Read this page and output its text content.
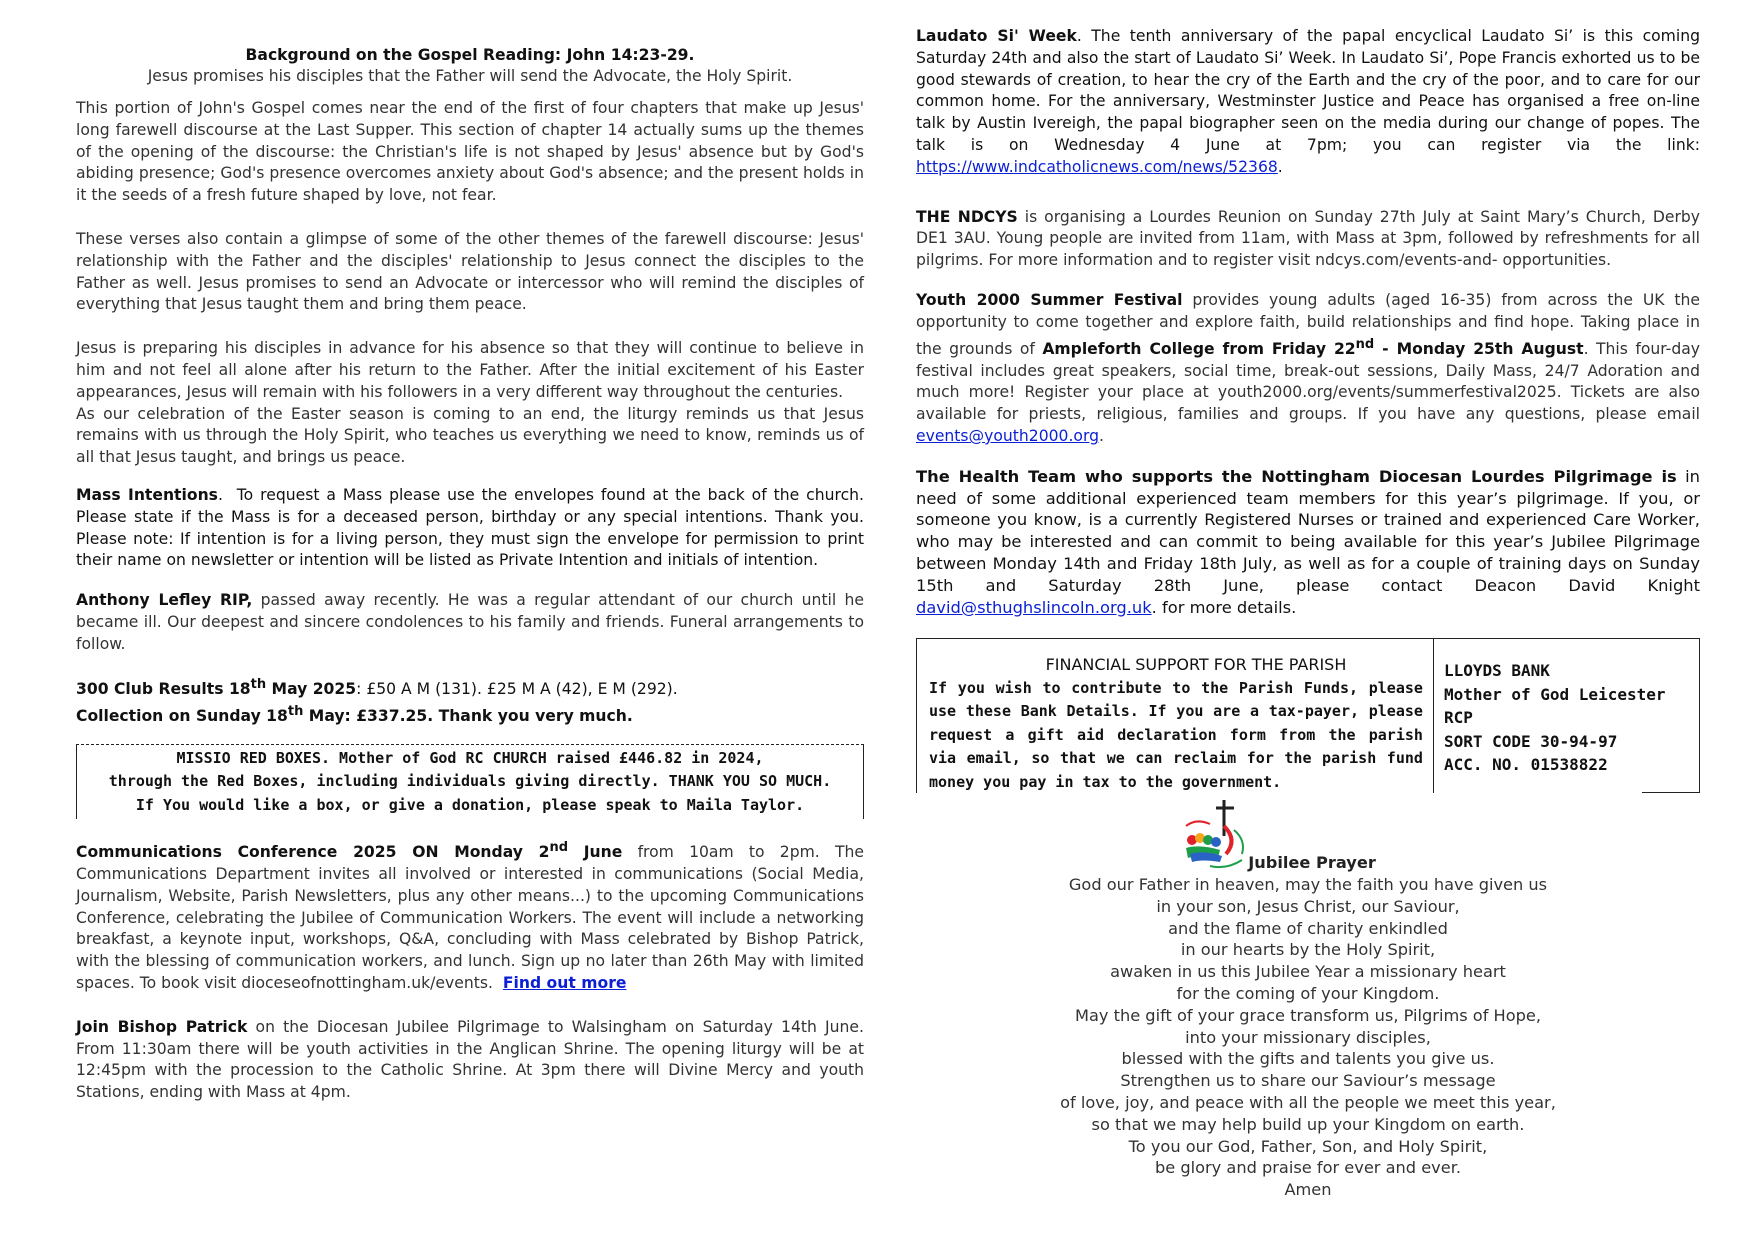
Background on the Gospel Reading: John 14:23-29.
Jesus promises his disciples that the Father will send the Advocate, the Holy Spirit.

This portion of John's Gospel comes near the end of the first of four chapters that make up Jesus' long farewell discourse at the Last Supper. This section of chapter 14 actually sums up the themes of the opening of the discourse: the Christian's life is not shaped by Jesus' absence but by God's abiding presence; God's presence overcomes anxiety about God's absence; and the present holds in it the seeds of a fresh future shaped by love, not fear.

These verses also contain a glimpse of some of the other themes of the farewell discourse: Jesus' relationship with the Father and the disciples' relationship to Jesus connect the disciples to the Father as well. Jesus promises to send an Advocate or intercessor who will remind the disciples of everything that Jesus taught them and bring them peace.

Jesus is preparing his disciples in advance for his absence so that they will continue to believe in him and not feel all alone after his return to the Father. After the initial excitement of his Easter appearances, Jesus will remain with his followers in a very different way throughout the centuries.

As our celebration of the Easter season is coming to an end, the liturgy reminds us that Jesus remains with us through the Holy Spirit, who teaches us everything we need to know, reminds us of all that Jesus taught, and brings us peace.

Mass Intentions.  To request a Mass please use the envelopes found at the back of the church. Please state if the Mass is for a deceased person, birthday or any special intentions. Thank you. Please note: If intention is for a living person, they must sign the envelope for permission to print their name on newsletter or intention will be listed as Private Intention and initials of intention.

Anthony Lefley RIP, passed away recently. He was a regular attendant of our church until he became ill. Our deepest and sincere condolences to his family and friends. Funeral arrangements to follow.

300 Club Results 18th May 2025: £50 A M (131). £25 M A (42), E M (292).

Collection on Sunday 18th May: £337.25. Thank you very much.

MISSIO RED BOXES. Mother of God RC CHURCH raised £446.82 in 2024,
through the Red Boxes, including individuals giving directly. THANK YOU SO MUCH.
If You would like a box, or give a donation, please speak to Maila Taylor.

Communications Conference 2025 ON Monday 2nd June from 10am to 2pm. The Communications Department invites all involved or interested in communications (Social Media, Journalism, Website, Parish Newsletters, plus any other means...) to the upcoming Communications Conference, celebrating the Jubilee of Communication Workers. The event will include a networking breakfast, a keynote input, workshops, Q&A, concluding with Mass celebrated by Bishop Patrick, with the blessing of communication workers, and lunch. Sign up no later than 26th May with limited spaces. To book visit dioceseofnottingham.uk/events. Find out more

Join Bishop Patrick on the Diocesan Jubilee Pilgrimage to Walsingham on Saturday 14th June. From 11:30am there will be youth activities in the Anglican Shrine. The opening liturgy will be at 12:45pm with the procession to the Catholic Shrine. At 3pm there will Divine Mercy and youth Stations, ending with Mass at 4pm.

Laudato Si' Week. The tenth anniversary of the papal encyclical Laudato Si’ is this coming Saturday 24th and also the start of Laudato Si’ Week. In Laudato Si’, Pope Francis exhorted us to be good stewards of creation, to hear the cry of the Earth and the cry of the poor, and to care for our common home. For the anniversary, Westminster Justice and Peace has organised a free on-line talk by Austin Ivereigh, the papal biographer seen on the media during our change of popes. The talk is on Wednesday 4 June at 7pm; you can register via the link: https://www.indcatholicnews.com/news/52368.

THE NDCYS is organising a Lourdes Reunion on Sunday 27th July at Saint Mary’s Church, Derby DE1 3AU. Young people are invited from 11am, with Mass at 3pm, followed by refreshments for all pilgrims. For more information and to register visit ndcys.com/events-and- opportunities.

Youth 2000 Summer Festival provides young adults (aged 16-35) from across the UK the opportunity to come together and explore faith, build relationships and find hope. Taking place in the grounds of Ampleforth College from Friday 22nd - Monday 25th August. This four-day festival includes great speakers, social time, break-out sessions, Daily Mass, 24/7 Adoration and much more! Register your place at youth2000.org/events/summerfestival2025. Tickets are also available for priests, religious, families and groups. If you have any questions, please email events@youth2000.org.

The Health Team who supports the Nottingham Diocesan Lourdes Pilgrimage is in need of some additional experienced team members for this year’s pilgrimage. If you, or someone you know, is a currently Registered Nurses or trained and experienced Care Worker, who may be interested and can commit to being available for this year’s Jubilee Pilgrimage between Monday 14th and Friday 18th July, as well as for a couple of training days on Sunday 15th and Saturday 28th June, please contact Deacon David Knight david@sthughslincoln.org.uk. for more details.

FINANCIAL SUPPORT FOR THE PARISH
If you wish to contribute to the Parish Funds, please use these Bank Details. If you are a tax-payer, please request a gift aid declaration form from the parish via email, so that we can reclaim for the parish fund money you pay in tax to the government.
LLOYDS BANK
Mother of God Leicester RCP
SORT CODE 30-94-97
ACC. NO. 01538822
Jubilee Prayer
God our Father in heaven, may the faith you have given us
in your son, Jesus Christ, our Saviour,
and the flame of charity enkindled
in our hearts by the Holy Spirit,
awaken in us this Jubilee Year a missionary heart
for the coming of your Kingdom.
May the gift of your grace transform us, Pilgrims of Hope,
into your missionary disciples,
blessed with the gifts and talents you give us.
Strengthen us to share our Saviour’s message
of love, joy, and peace with all the people we meet this year,
so that we may help build up your Kingdom on earth.
To you our God, Father, Son, and Holy Spirit,
be glory and praise for ever and ever.
Amen
